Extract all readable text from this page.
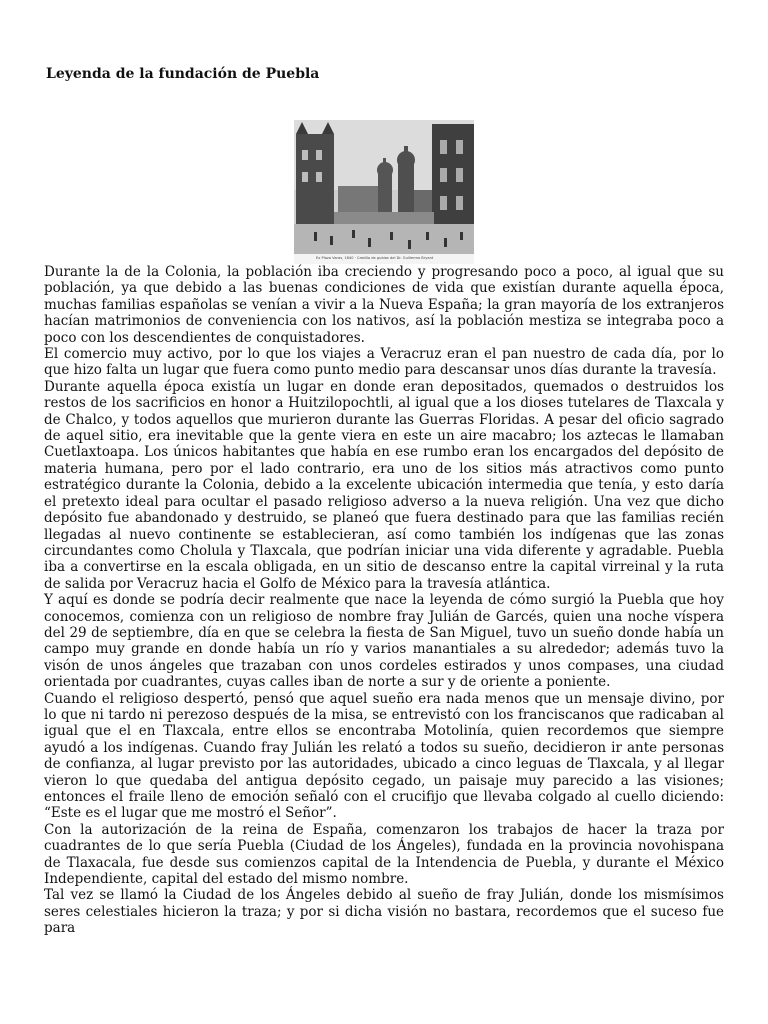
Leyenda de la fundación de Puebla
Ex Plaza Varas, 1840 · Castillo de gubias del Dr. Guillermo Bryant

Durante la de la Colonia, la población iba creciendo y progresando poco a poco, al igual que su población, ya que debido a las buenas condiciones de vida que existían durante aquella época, muchas familias españolas se venían a vivir a la Nueva España; la gran mayoría de los extranjeros hacían matrimonios de conveniencia con los nativos, así la población mestiza se integraba poco a poco con los descendientes de conquistadores.

El comercio muy activo, por lo que los viajes a Veracruz eran el pan nuestro de cada día, por lo que hizo falta un lugar que fuera como punto medio para descansar unos días durante la travesía.

Durante aquella época existía un lugar en donde eran depositados, quemados o destruidos los restos de los sacrificios en honor a Huitzilopochtli, al igual que a los dioses tutelares de Tlaxcala y de Chalco, y todos aquellos que murieron durante las Guerras Floridas. A pesar del oficio sagrado de aquel sitio, era inevitable que la gente viera en este un aire macabro; los aztecas le llamaban Cuetlaxtoapa. Los únicos habitantes que había en ese rumbo eran los encargados del depósito de materia humana, pero por el lado contrario, era uno de los sitios más atractivos como punto estratégico durante la Colonia, debido a la excelente ubicación intermedia que tenía, y esto daría el pretexto ideal para ocultar el pasado religioso adverso a la nueva religión. Una vez que dicho depósito fue abandonado y destruido, se planeó que fuera destinado para que las familias recién llegadas al nuevo continente se establecieran, así como también los indígenas que las zonas circundantes como Cholula y Tlaxcala, que podrían iniciar una vida diferente y agradable. Puebla iba a convertirse en la escala obligada, en un sitio de descanso entre la capital virreinal y la ruta de salida por Veracruz hacia el Golfo de México para la travesía atlántica.

Y aquí es donde se podría decir realmente que nace la leyenda de cómo surgió la Puebla que hoy conocemos, comienza con un religioso de nombre fray Julián de Garcés, quien una noche víspera del 29 de septiembre, día en que se celebra la fiesta de San Miguel, tuvo un sueño donde había un campo muy grande en donde había un río y varios manantiales a su alrededor; además tuvo la visón de unos ángeles que trazaban con unos cordeles estirados y unos compases, una ciudad orientada por cuadrantes, cuyas calles iban de norte a sur y de oriente a poniente.

Cuando el religioso despertó, pensó que aquel sueño era nada menos que un mensaje divino, por lo que ni tardo ni perezoso después de la misa, se entrevistó con los franciscanos que radicaban al igual que el en Tlaxcala, entre ellos se encontraba Motolinía, quien recordemos que siempre ayudó a los indígenas. Cuando fray Julián les relató a todos su sueño, decidieron ir ante personas de confianza, al lugar previsto por las autoridades, ubicado a cinco leguas de Tlaxcala, y al llegar vieron lo que quedaba del antigua depósito cegado, un paisaje muy parecido a las visiones; entonces el fraile lleno de emoción señaló con el crucifijo que llevaba colgado al cuello diciendo: “Este es el lugar que me mostró el Señor”.

Con la autorización de la reina de España, comenzaron los trabajos de hacer la traza por cuadrantes de lo que sería Puebla (Ciudad de los Ángeles), fundada en la provincia novohispana de Tlaxacala, fue desde sus comienzos capital de la Intendencia de Puebla, y durante el México Independiente, capital del estado del mismo nombre.

Tal vez se llamó la Ciudad de los Ángeles debido al sueño de fray Julián, donde los mismísimos seres celestiales hicieron la traza; y por si dicha visión no bastara, recordemos que el suceso fue para
